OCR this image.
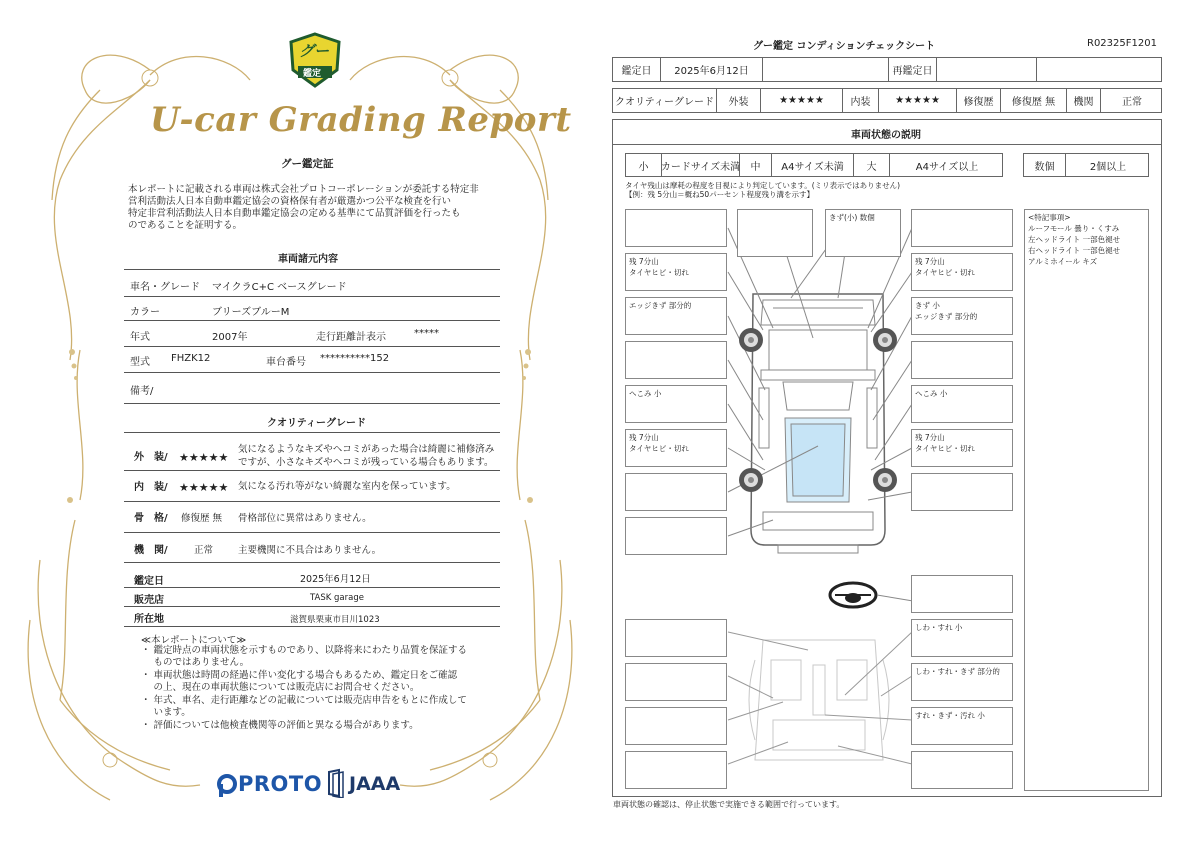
グー
鑑定
U-car Grading Report
グー鑑定証
本レポートに記載される車両は株式会社プロトコーポレーションが委託する特定非
営利活動法人日本自動車鑑定協会の資格保有者が厳選かつ公平な検査を行い
特定非営利活動法人日本自動車鑑定協会の定める基準にて品質評価を行ったも
のであることを証明する。
車両諸元内容
車名・グレード マイクラC+C ベースグレード
カラー	ブリーズブルーM
年式	2007年	走行距離計表示	*****
型式 FHZK12	車台番号 **********152
備考/
クオリティーグレード
外　装/ ★★★★★
気になるようなキズやヘコミがあった場合は綺麗に補修済み
ですが、小さなキズやヘコミが残っている場合もあります。
内　装/ ★★★★★ 気になる汚れ等がない綺麗な室内を保っています。
骨　格/ 修復歴 無 骨格部位に異常はありません。
機　関/	正常	主要機関に不具合はありません。
鑑定日	2025年6月12日
販売店	TASK garage
所在地	滋賀県栗東市目川1023
≪本レポートについて≫
・ 鑑定時点の車両状態を示すものであり、以降将来にわたり品質を保証する
　 ものではありません。
・ 車両状態は時間の経過に伴い変化する場合もあるため、鑑定日をご確認
　 の上、現在の車両状態については販売店にお問合せください。
・ 年式、車名、走行距離などの記載については販売店申告をもとに作成して
　 います。
・ 評価については他検査機関等の評価と異なる場合があります。
PROTO JAAA
グー鑑定 コンディションチェックシート	R02325F1201
鑑定日	2025年6月12日	再鑑定日
クオリティーグレード	外装	★★★★★	内装	★★★★★	修復歴	修復歴 無	機関	正常
車両状態の説明
小	カードサイズ未満	中	A4サイズ未満	大	A4サイズ以上	数個	2個以上
タイヤ残山は摩耗の程度を目視により判定しています。(ミリ表示ではありません)
【例：残 5分山＝概ね50パーセント程度残り溝を示す】
きず(小) 数個
残 7分山
タイヤヒビ・切れ
残 7分山
タイヤヒビ・切れ
エッジきず 部分的	きず 小
エッジきず 部分的
へこみ 小	へこみ 小
残 7分山
タイヤヒビ・切れ
残 7分山
タイヤヒビ・切れ
しわ・すれ 小
しわ・すれ・きず 部分的
すれ・きず・汚れ 小
<特記事項>
ルーフモール 曇り・くすみ
左ヘッドライト 一部色褪せ
右ヘッドライト 一部色褪せ
アルミホイール キズ
車両状態の確認は、停止状態で実施できる範囲で行っています。
